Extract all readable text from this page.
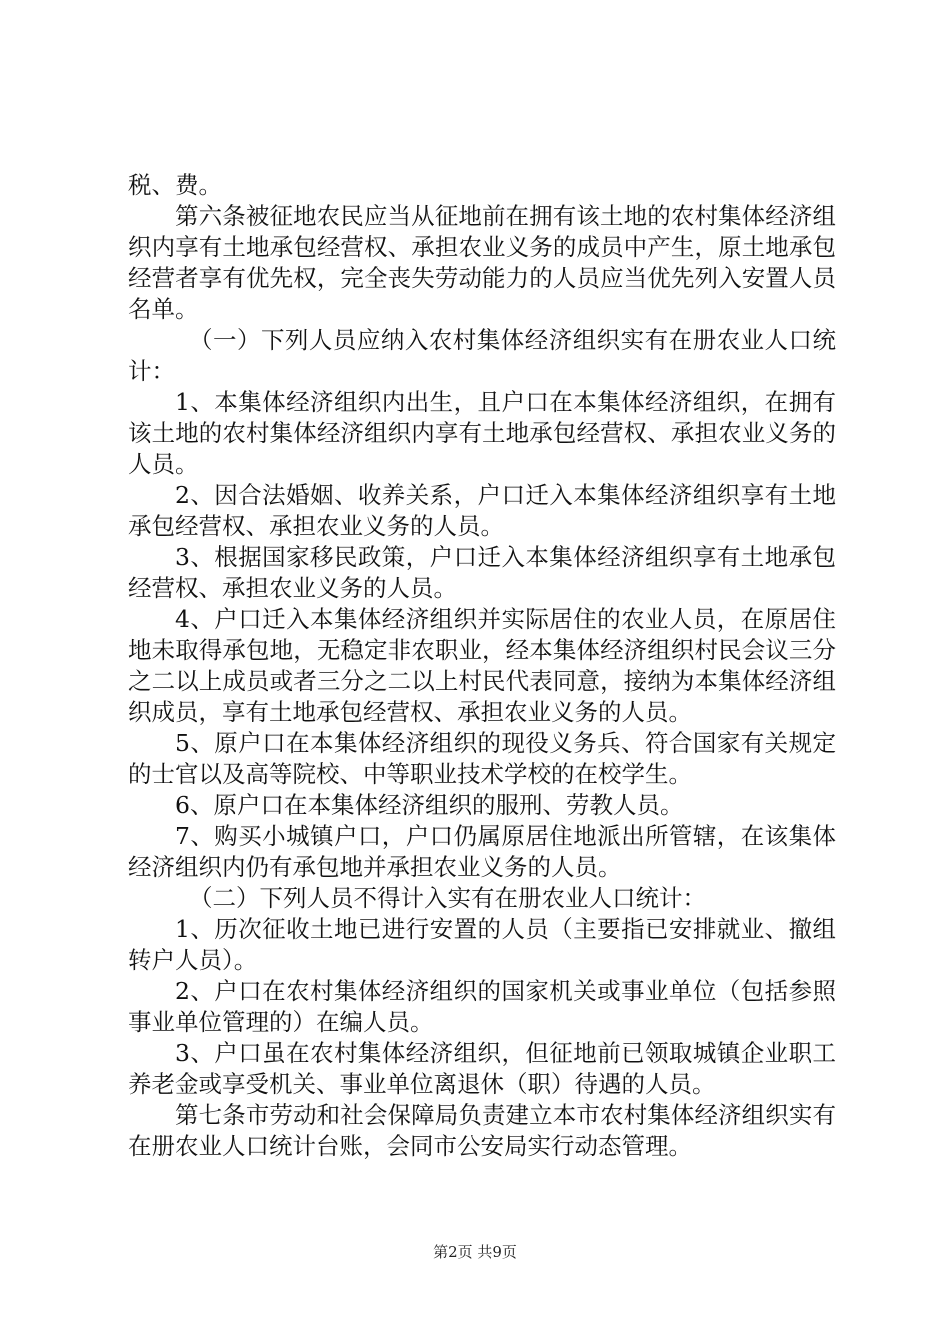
税、费。

第六条被征地农民应当从征地前在拥有该土地的农村集体经济组织内享有土地承包经营权、承担农业义务的成员中产生，原土地承包经营者享有优先权，完全丧失劳动能力的人员应当优先列入安置人员名单。

（一）下列人员应纳入农村集体经济组织实有在册农业人口统计：

1、本集体经济组织内出生，且户口在本集体经济组织，在拥有该土地的农村集体经济组织内享有土地承包经营权、承担农业义务的人员。

2、因合法婚姻、收养关系，户口迁入本集体经济组织享有土地承包经营权、承担农业义务的人员。

3、根据国家移民政策，户口迁入本集体经济组织享有土地承包经营权、承担农业义务的人员。

4、户口迁入本集体经济组织并实际居住的农业人员，在原居住地未取得承包地，无稳定非农职业，经本集体经济组织村民会议三分之二以上成员或者三分之二以上村民代表同意，接纳为本集体经济组织成员，享有土地承包经营权、承担农业义务的人员。

5、原户口在本集体经济组织的现役义务兵、符合国家有关规定的士官以及高等院校、中等职业技术学校的在校学生。

6、原户口在本集体经济组织的服刑、劳教人员。

7、购买小城镇户口，户口仍属原居住地派出所管辖，在该集体经济组织内仍有承包地并承担农业义务的人员。

（二）下列人员不得计入实有在册农业人口统计：

1、历次征收土地已进行安置的人员（主要指已安排就业、撤组转户人员）。

2、户口在农村集体经济组织的国家机关或事业单位（包括参照事业单位管理的）在编人员。

3、户口虽在农村集体经济组织，但征地前已领取城镇企业职工养老金或享受机关、事业单位离退休（职）待遇的人员。

第七条市劳动和社会保障局负责建立本市农村集体经济组织实有在册农业人口统计台账，会同市公安局实行动态管理。

第2页 共9页
